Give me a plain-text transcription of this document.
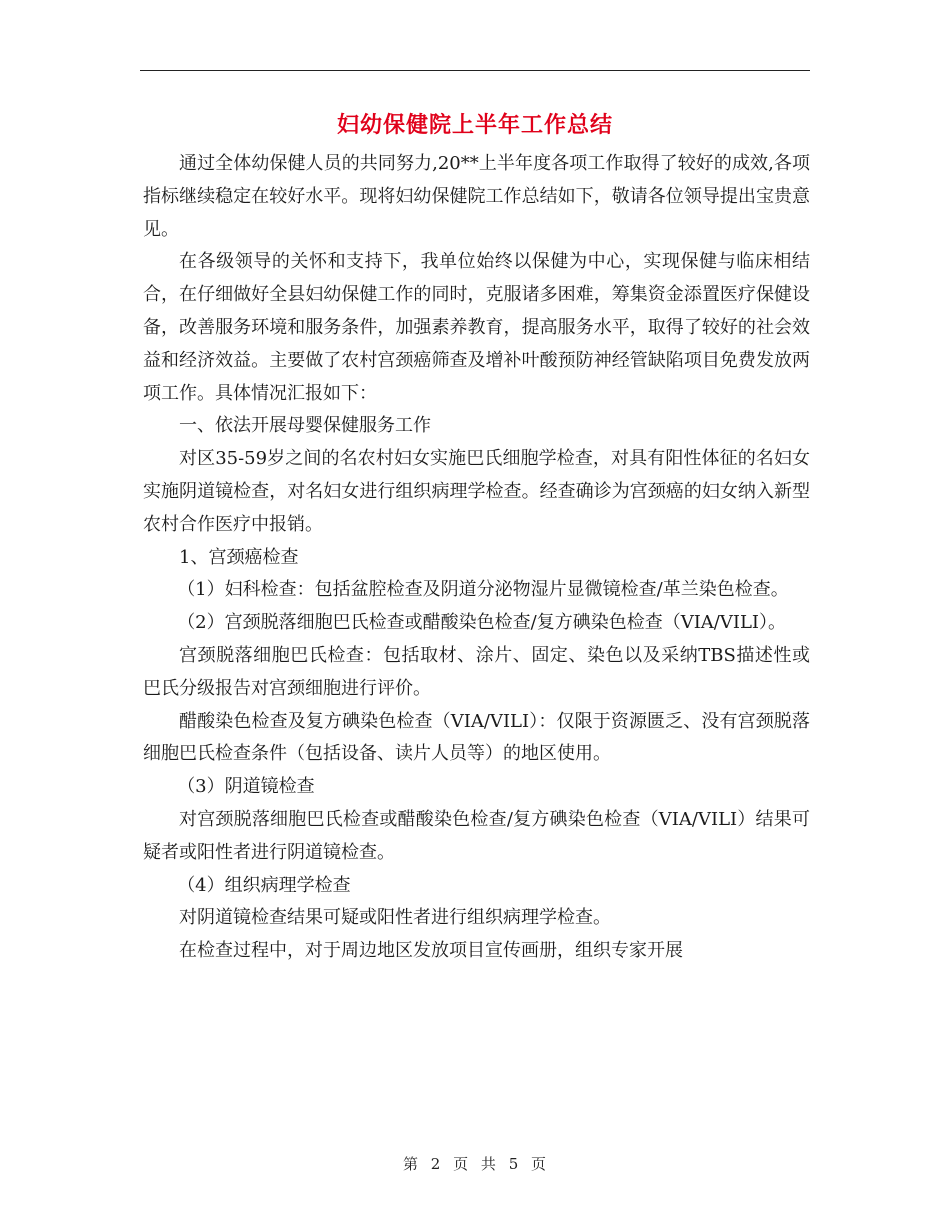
妇幼保健院上半年工作总结

通过全体幼保健人员的共同努力,20**上半年度各项工作取得了较好的成效,各项指标继续稳定在较好水平。现将妇幼保健院工作总结如下，敬请各位领导提出宝贵意见。

在各级领导的关怀和支持下，我单位始终以保健为中心，实现保健与临床相结合，在仔细做好全县妇幼保健工作的同时，克服诸多困难，筹集资金添置医疗保健设备，改善服务环境和服务条件，加强素养教育，提高服务水平，取得了较好的社会效益和经济效益。主要做了农村宫颈癌筛查及增补叶酸预防神经管缺陷项目免费发放两项工作。具体情况汇报如下：

一、依法开展母婴保健服务工作

对区35-59岁之间的名农村妇女实施巴氏细胞学检查，对具有阳性体征的名妇女实施阴道镜检查，对名妇女进行组织病理学检查。经查确诊为宫颈癌的妇女纳入新型农村合作医疗中报销。

1、宫颈癌检查

（1）妇科检查：包括盆腔检查及阴道分泌物湿片显微镜检查/革兰染色检查。

（2）宫颈脱落细胞巴氏检查或醋酸染色检查/复方碘染色检查（VIA/VILI）。

宫颈脱落细胞巴氏检查：包括取材、涂片、固定、染色以及采纳TBS描述性或巴氏分级报告对宫颈细胞进行评价。

醋酸染色检查及复方碘染色检查（VIA/VILI）：仅限于资源匮乏、没有宫颈脱落细胞巴氏检查条件（包括设备、读片人员等）的地区使用。

（3）阴道镜检查

对宫颈脱落细胞巴氏检查或醋酸染色检查/复方碘染色检查（VIA/VILI）结果可疑者或阳性者进行阴道镜检查。

（4）组织病理学检查

对阴道镜检查结果可疑或阳性者进行组织病理学检查。

在检查过程中，对于周边地区发放项目宣传画册，组织专家开展

第 2 页 共 5 页
